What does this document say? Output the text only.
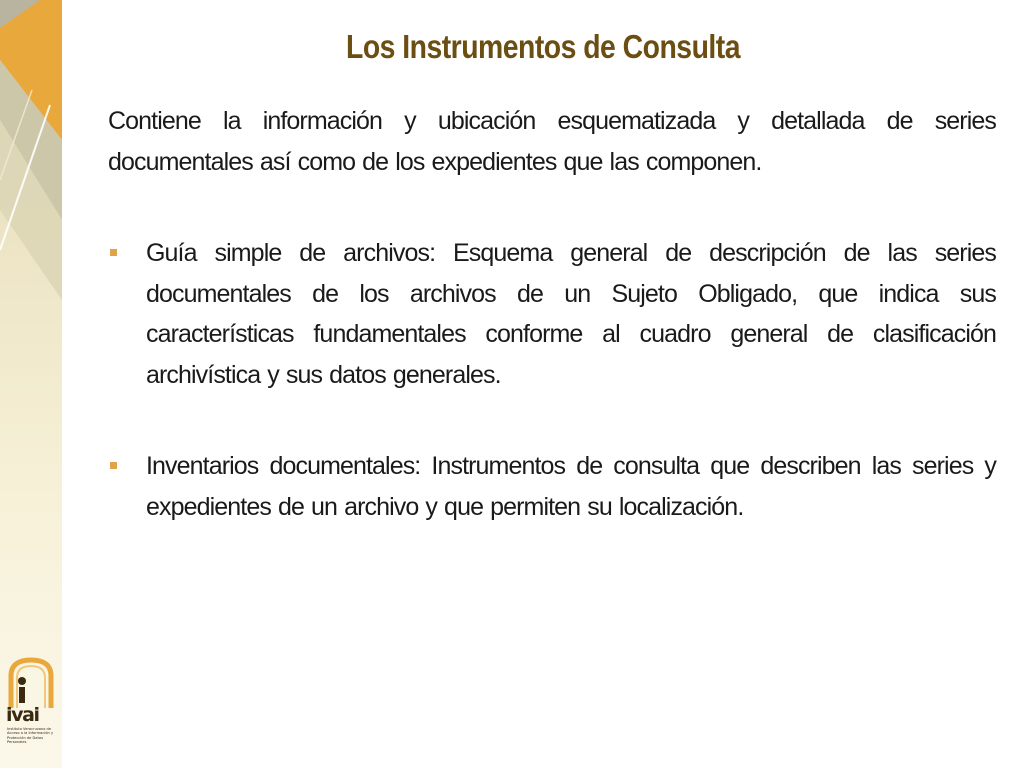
Los Instrumentos de Consulta

Contiene la información y ubicación esquematizada y detallada de series documentales así como de los expedientes que las componen.

Guía simple de archivos: Esquema general de descripción de las series documentales de los archivos de un Sujeto Obligado, que indica sus características fundamentales conforme al cuadro general de clasificación archivística y sus datos generales.

Inventarios documentales: Instrumentos de consulta que describen las series y expedientes de un archivo y que permiten su localización.

ivai
Instituto Veracruzano de Acceso a la Información y Protección de Datos Personales
